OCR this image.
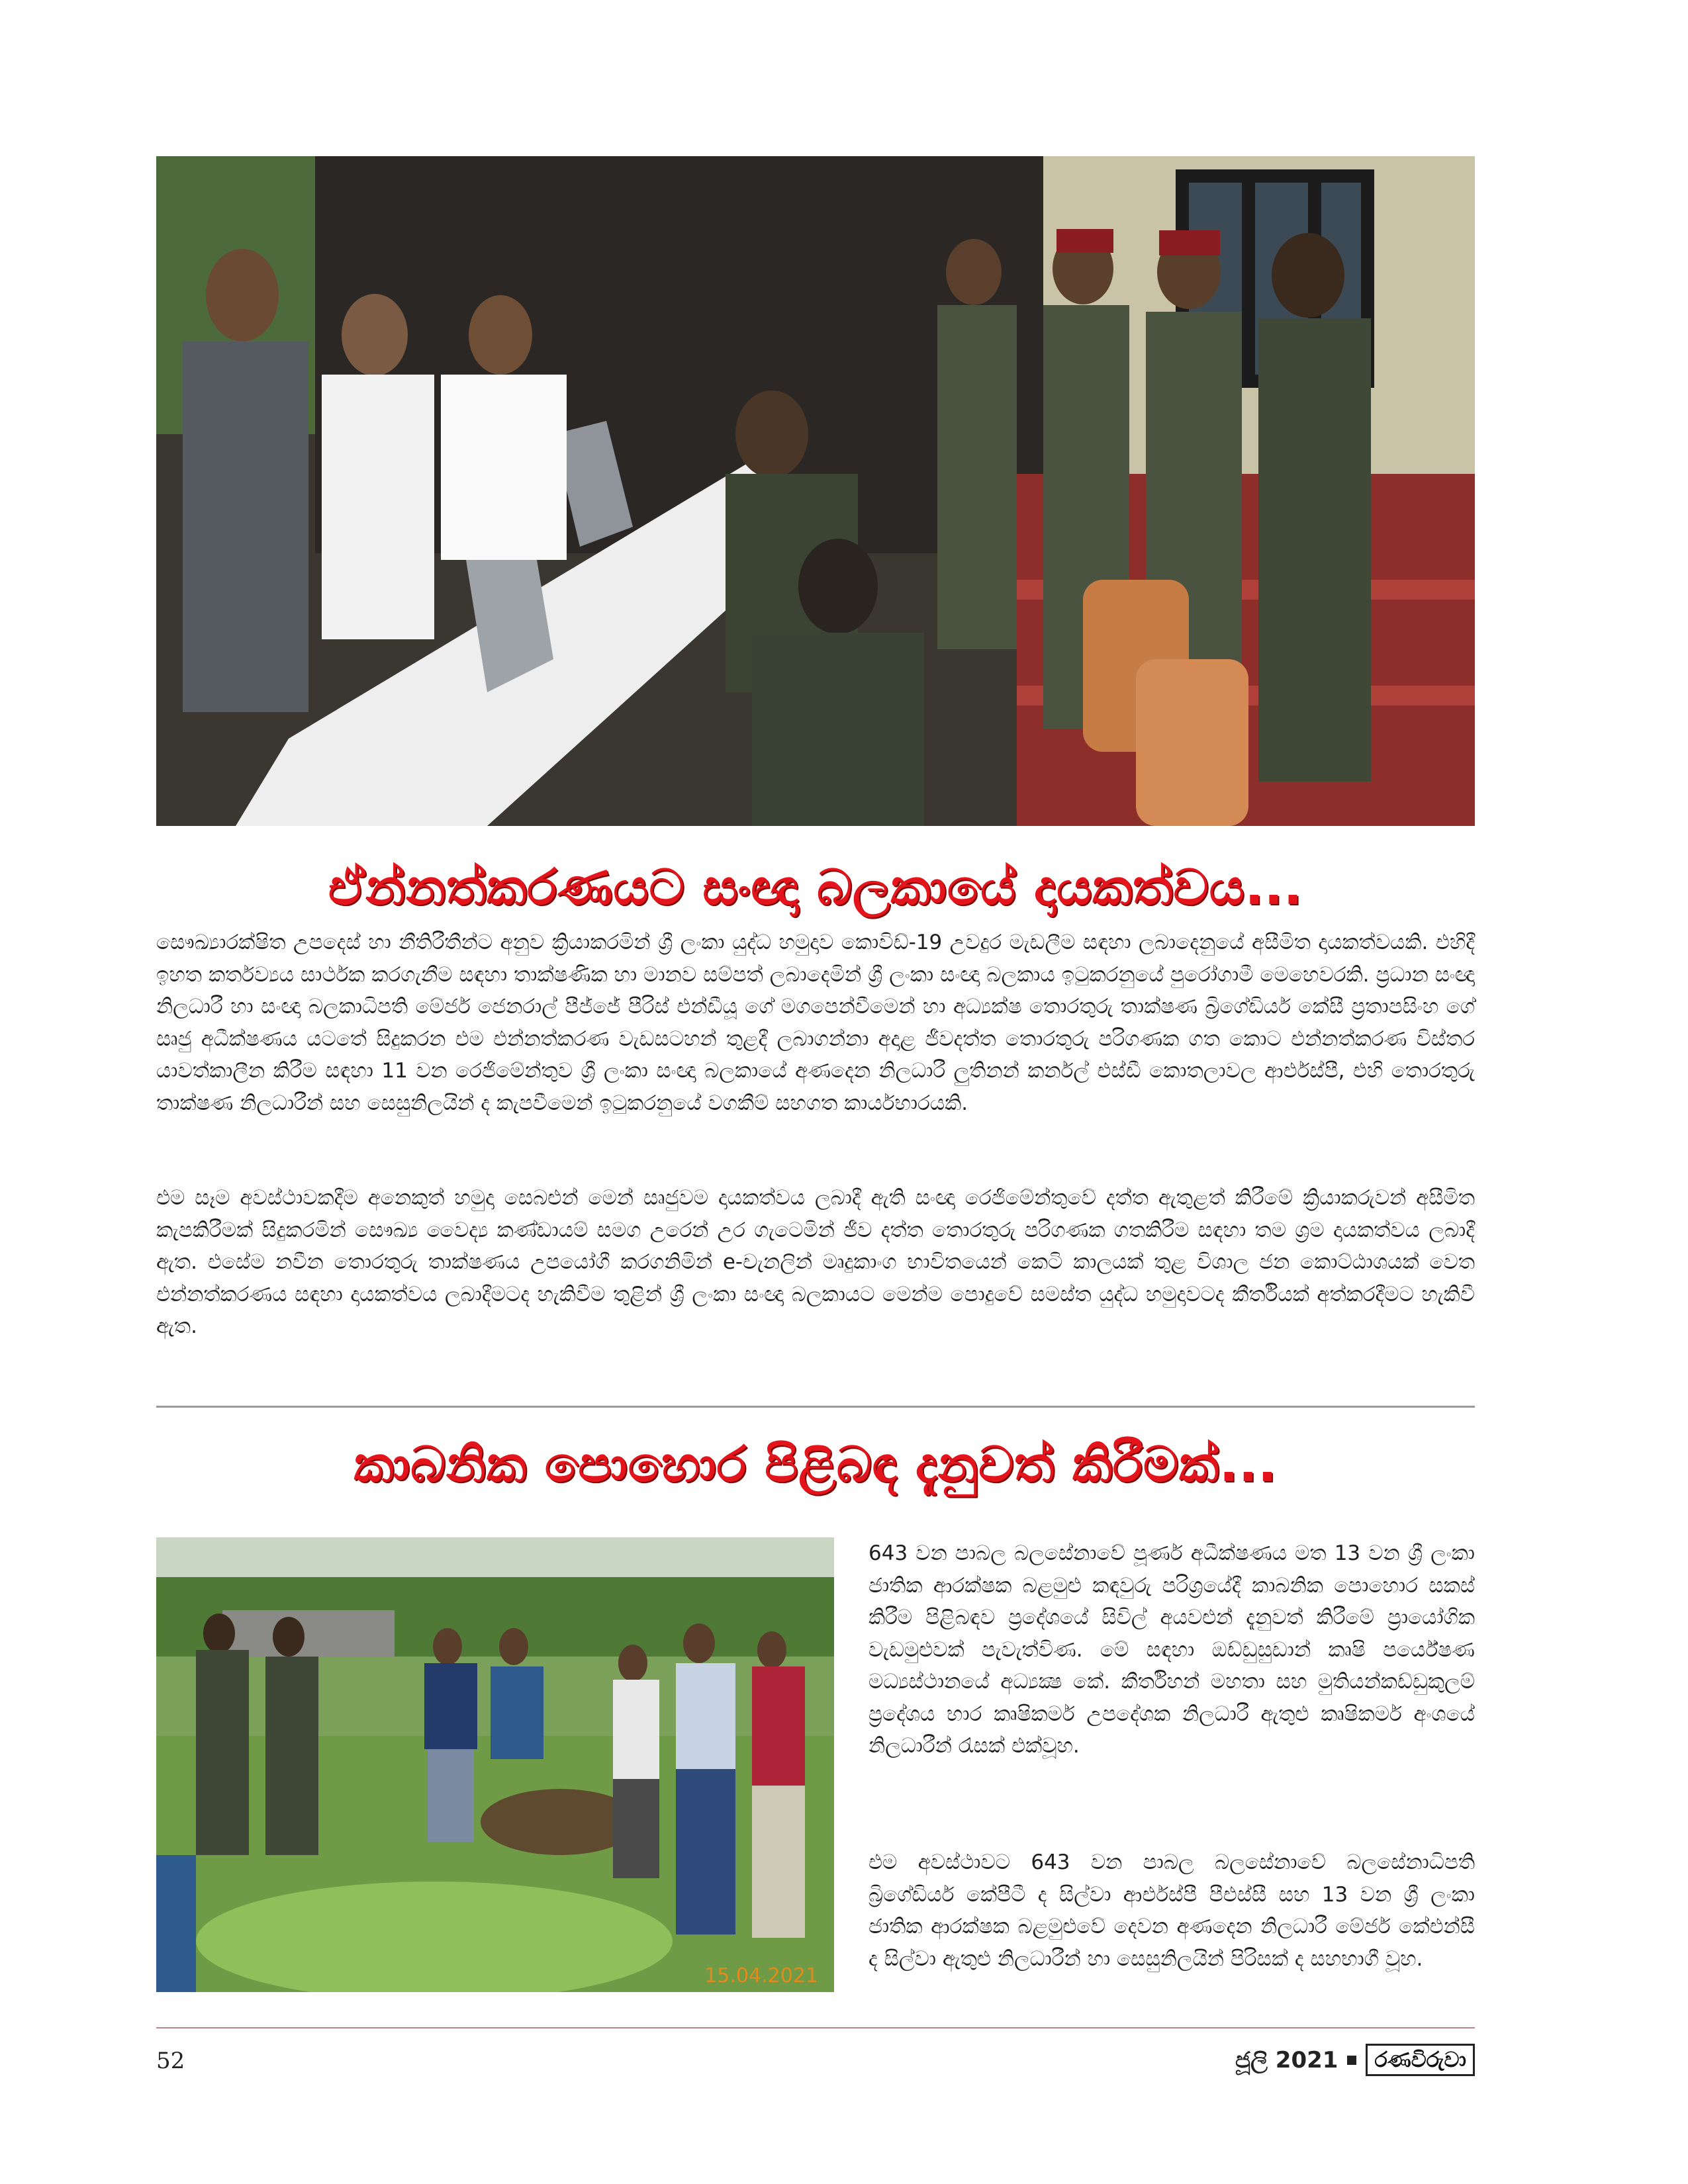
ඒන්නත්කරණයට සංඥා බලකායේ දායකත්වය...

සෞඛ්‍යාරක්ෂිත උපදෙස් හා නීතිරීතීන්ට අනුව ක්‍රියාකරමින් ශ්‍රී ලංකා යුද්ධ හමුදාව කොවිඩ්-19 උවදුර මැඩලීම සඳහා ලබාදෙනුයේ අසීමිත දායකත්වයකි. එහිදී ඉහත කර්තව්‍යය සාර්ථක කරගැනීම සඳහා තාක්ෂණික හා මානව සම්පත් ලබාදෙමින් ශ්‍රී ලංකා සංඥා බලකාය ඉටුකරනුයේ පුරෝගාමී මෙහෙවරකි. ප්‍රධාන සංඥා නිලධාරී හා සංඥා බලකාධිපති මේජර් ජෙනරාල් පීජ්ජේ පීරිස් එන්ඩීයූ ගේ මගපෙන්වීමෙන් හා අධ්‍යක්ෂ තොරතුරු තාක්ෂණ බ්‍රිගේඩියර් කේසී ප්‍රතාපසිංහ ගේ සෘජු අධීක්ෂණය යටතේ සිදුකරන එම එන්නත්කරණ වැඩසටහන් තුළදී ලබාගන්නා අදාළ ජීවදත්ත තොරතුරු පරිගණක ගත කොට එන්නත්කරණ විස්තර යාවත්කාලීන කිරීම සඳහා 11 වන රෙජිමේන්තුව ශ්‍රී ලංකා සංඥා බලකායේ අණදෙන නිලධාරී ලුතිනන් කර්නල් එස්ඩී කොතලාවල ආර්එස්පී, එහි තොරතුරු තාක්ෂණ නිලධාරීන් සහ සෙසුනිලයින් ද කැපවීමෙන් ඉටුකරනුයේ වගකීම් සහගත කාර්යභාරයකි.

එම සෑම අවස්ථාවකදීම අනෙකුත් හමුදා සෙබළුන් මෙන් සෘජුවම දායකත්වය ලබාදී ඇති සංඥා රෙජිමේන්තුවේ දත්ත ඇතුළත් කිරීමේ ක්‍රියාකරුවන් අසීමිත කැපකිරීමක් සිදුකරමින් සෞඛ්‍ය වෛද්‍ය කණ්ඩායම් සමග උරෙන් උර ගැටෙමින් ජීව දත්ත තොරතුරු පරිගණක ගතකිරීම සඳහා තම ශ්‍රම දායකත්වය ලබාදී ඇත. එසේම නවීන තොරතුරු තාක්ෂණය උපයෝගී කරගනිමින් e-චැනලින් මෘදුකාංග භාවිතයෙන් කෙටි කාලයක් තුළ විශාල ජන කොට්ඨාශයක් වෙත එන්නත්කරණය සඳහා දායකත්වය ලබාදීමටද හැකිවීම තුළින් ශ්‍රී ලංකා සංඥා බලකායට මෙන්ම පොදුවේ සමස්ත යුද්ධ හමුදාවටද කීර්තියක් අත්කරදීමට හැකිවී ඇත.

කාබනික පොහොර පිළිබඳ දැනුවත් කිරීමක්...
15.04.2021

643 වන පාබල බලසේනාවේ පූර්ණ අධීක්ෂණය මත 13 වන ශ්‍රී ලංකා ජාතික ආරක්ෂක බළමුළු කඳවුරු පරිශ්‍රයේදී කාබනික පොහොර සකස් කිරීම පිළිබඳව ප්‍රදේශයේ සිවිල් අයවළුන් දැනුවත් කිරීමේ ප්‍රායෝගික වැඩමුළුවක් පැවැත්විණ. මේ සඳහා ඔඩ්ඩුසුඩාන් කෘෂි පර්යේෂණ මධ්‍යස්ථානයේ අධ්‍යක්‍ෂ කේ. කීර්තිහන් මහතා සහ මුතියන්කඩ්ඩුකුලම් ප්‍රදේශය භාර කෘෂිකර්ම උපදේශක නිලධාරී ඇතුළු කෘෂිකර්ම අංශයේ නිලධාරීන් රැසක් එක්වූහ.

එම අවස්ථාවට 643 වන පාබල බලසේනාවේ බලසේනාධිපති බ්‍රිගේඩියර් කේපීටී ද සිල්වා ආර්එස්පී පීඑස්සී සහ 13 වන ශ්‍රී ලංකා ජාතික ආරක්ෂක බළමුළුවේ දෙවන අණදෙන නිලධාරී මේජර් කේඑන්සී ද සිල්වා ඇතුළු නිලධාරීන් හා සෙසුනිලයින් පිරිසක් ද සහභාගී වූහ.

52	ජූලි 2021	රණවිරුවා
